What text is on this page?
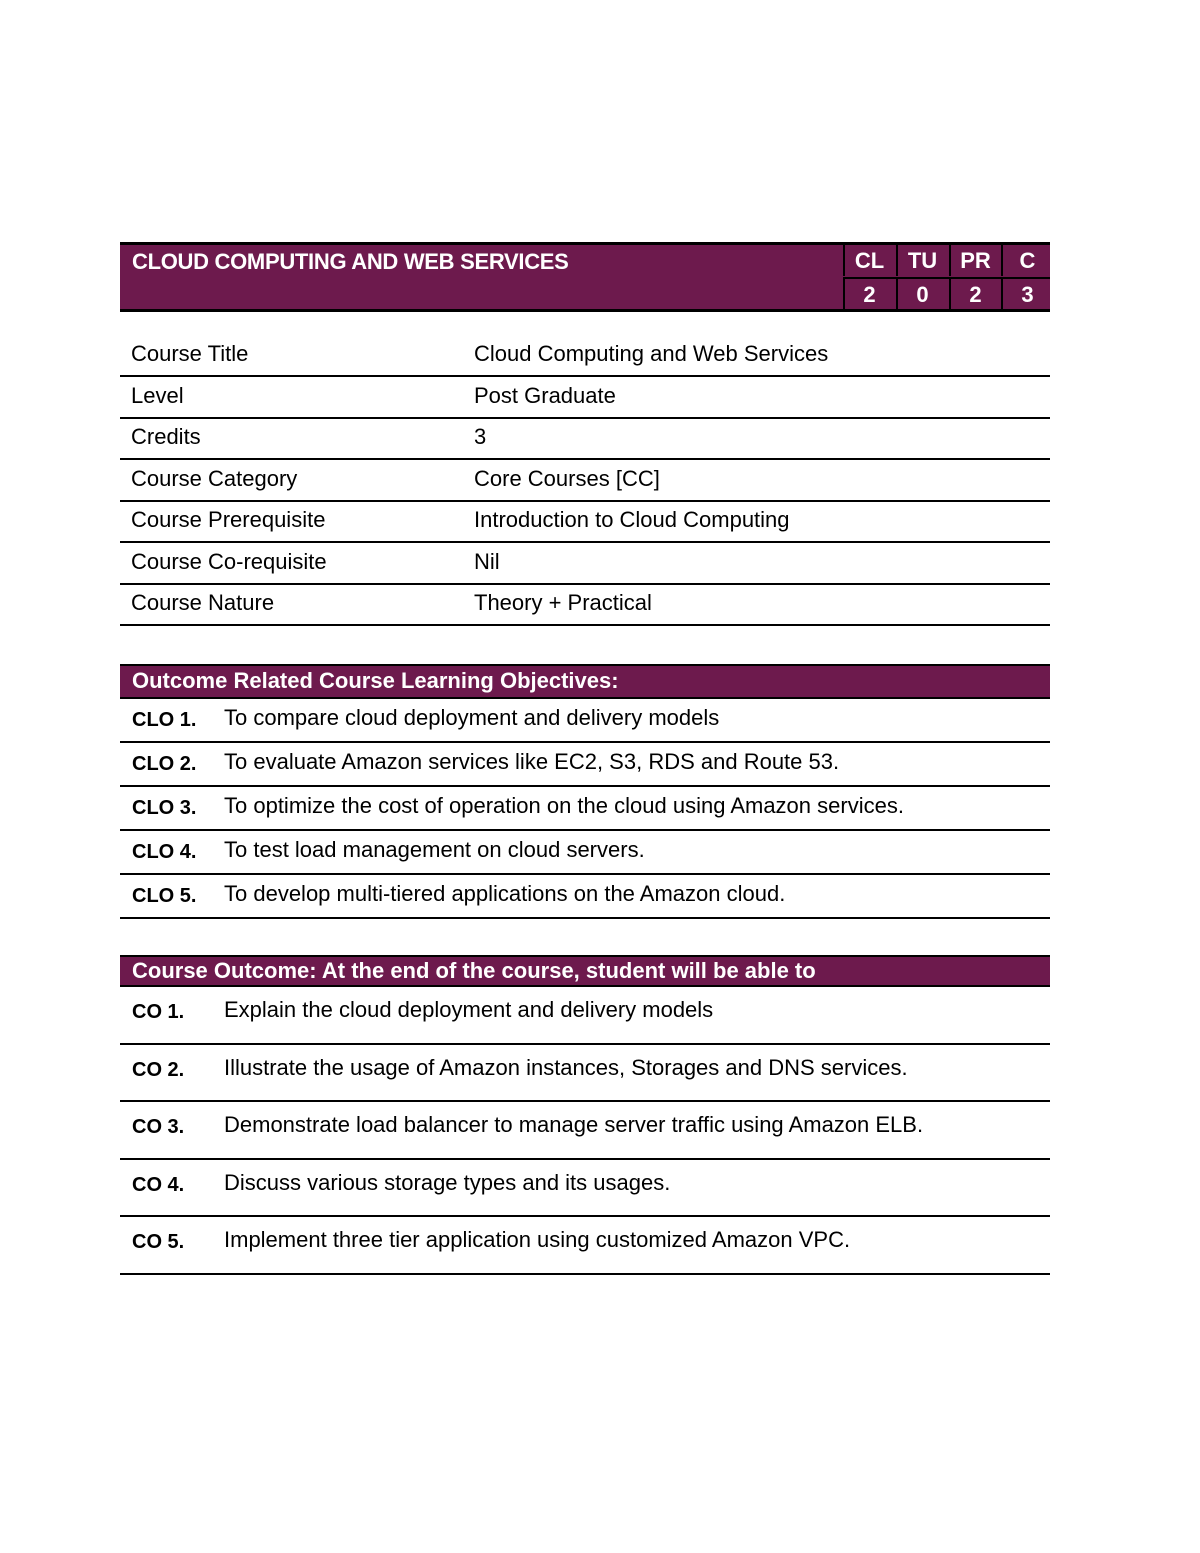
CLOUD COMPUTING AND WEB SERVICES	CL	TU	PR	C
2	0	2	3
Course Title	Cloud Computing and Web Services
Level	Post Graduate
Credits	3
Course Category	Core Courses [CC]
Course Prerequisite	Introduction to Cloud Computing
Course Co-requisite	Nil
Course Nature	Theory + Practical
Outcome Related Course Learning Objectives:
CLO 1. To compare cloud deployment and delivery models
CLO 2. To evaluate Amazon services like EC2, S3, RDS and Route 53.
CLO 3. To optimize the cost of operation on the cloud using Amazon services.
CLO 4. To test load management on cloud servers.
CLO 5. To develop multi-tiered applications on the Amazon cloud.
Course Outcome: At the end of the course, student will be able to
CO 1. Explain the cloud deployment and delivery models
CO 2. Illustrate the usage of Amazon instances, Storages and DNS services.
CO 3. Demonstrate load balancer to manage server traffic using Amazon ELB.
CO 4. Discuss various storage types and its usages.
CO 5. Implement three tier application using customized Amazon VPC.
